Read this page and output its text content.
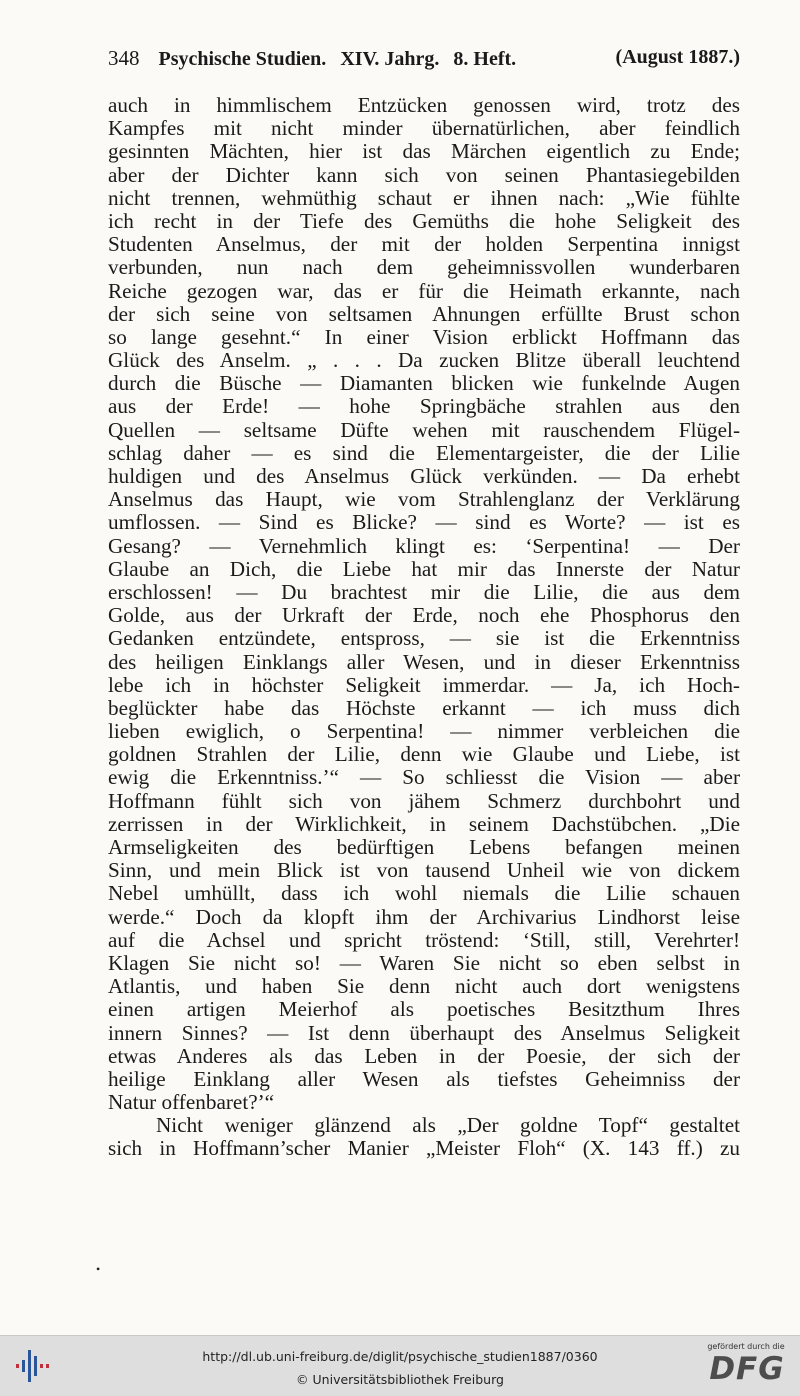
348 Psychische Studien. XIV. Jahrg. 8. Heft.	(August 1887.)
auch in himmlischem Entzücken genossen wird, trotz des
Kampfes mit nicht minder übernatürlichen, aber feindlich
gesinnten Mächten, hier ist das Märchen eigentlich zu Ende;
aber der Dichter kann sich von seinen Phantasiegebilden
nicht trennen, wehmüthig schaut er ihnen nach: „Wie fühlte
ich recht in der Tiefe des Gemüths die hohe Seligkeit des
Studenten Anselmus, der mit der holden Serpentina innigst
verbunden, nun nach dem geheimnissvollen wunderbaren
Reiche gezogen war, das er für die Heimath erkannte, nach
der sich seine von seltsamen Ahnungen erfüllte Brust schon
so lange gesehnt.“ In einer Vision erblickt Hoffmann das
Glück des Anselm. „ . . . Da zucken Blitze überall leuchtend
durch die Büsche — Diamanten blicken wie funkelnde Augen
aus der Erde! — hohe Springbäche strahlen aus den
Quellen — seltsame Düfte wehen mit rauschendem Flügel-
schlag daher — es sind die Elementargeister, die der Lilie
huldigen und des Anselmus Glück verkünden. — Da erhebt
Anselmus das Haupt, wie vom Strahlenglanz der Verklärung
umflossen. — Sind es Blicke? — sind es Worte? — ist es
Gesang? — Vernehmlich klingt es: ‘Serpentina! — Der
Glaube an Dich, die Liebe hat mir das Innerste der Natur
erschlossen! — Du brachtest mir die Lilie, die aus dem
Golde, aus der Urkraft der Erde, noch ehe Phosphorus den
Gedanken entzündete, entspross, — sie ist die Erkenntniss
des heiligen Einklangs aller Wesen, und in dieser Erkenntniss
lebe ich in höchster Seligkeit immerdar. — Ja, ich Hoch-
beglückter habe das Höchste erkannt — ich muss dich
lieben ewiglich, o Serpentina! — nimmer verbleichen die
goldnen Strahlen der Lilie, denn wie Glaube und Liebe, ist
ewig die Erkenntniss.’“ — So schliesst die Vision — aber
Hoffmann fühlt sich von jähem Schmerz durchbohrt und
zerrissen in der Wirklichkeit, in seinem Dachstübchen. „Die
Armseligkeiten des bedürftigen Lebens befangen meinen
Sinn, und mein Blick ist von tausend Unheil wie von dickem
Nebel umhüllt, dass ich wohl niemals die Lilie schauen
werde.“ Doch da klopft ihm der Archivarius Lindhorst leise
auf die Achsel und spricht tröstend: ‘Still, still, Verehrter!
Klagen Sie nicht so! — Waren Sie nicht so eben selbst in
Atlantis, und haben Sie denn nicht auch dort wenigstens
einen artigen Meierhof als poetisches Besitzthum Ihres
innern Sinnes? — Ist denn überhaupt des Anselmus Seligkeit
etwas Anderes als das Leben in der Poesie, der sich der
heilige Einklang aller Wesen als tiefstes Geheimniss der
Natur offenbaret?’“
Nicht weniger glänzend als „Der goldne Topf“ gestaltet
sich in Hoffmann’scher Manier „Meister Floh“ (X. 143 ff.) zu
•
http://dl.ub.uni-freiburg.de/diglit/psychische_studien1887/0360
© Universitätsbibliothek Freiburg
gefördert durch die
DFG
